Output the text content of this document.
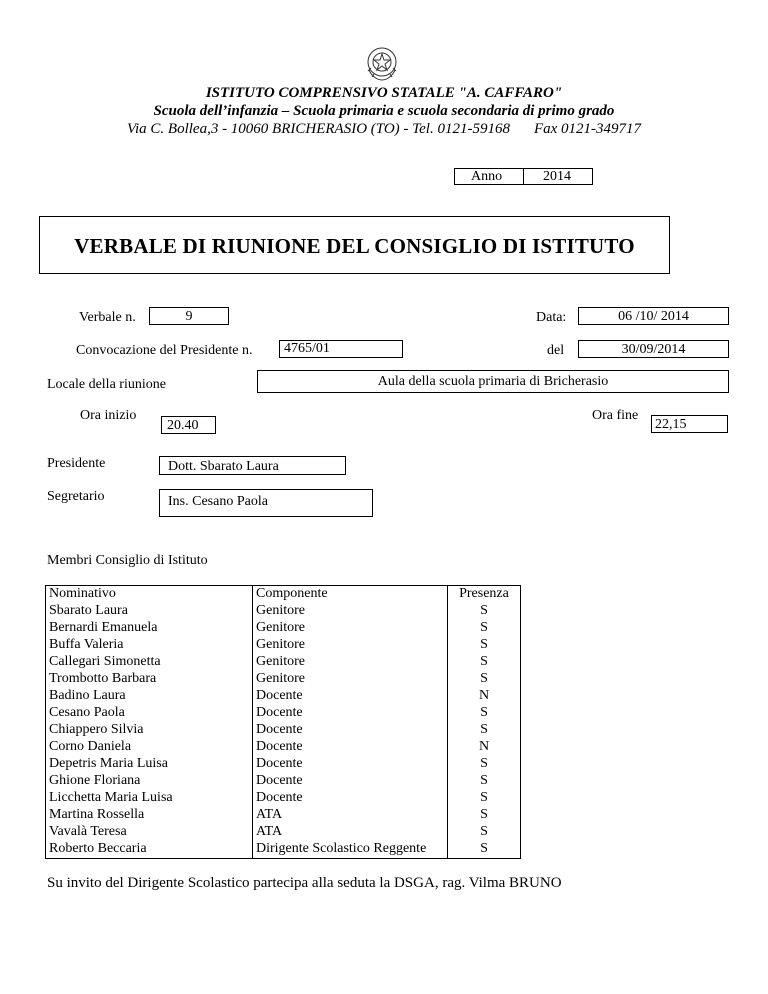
ISTITUTO COMPRENSIVO STATALE "A. CAFFARO"
Scuola dell’infanzia – Scuola primaria e scuola secondaria di primo grado
Via C. Bollea,3 - 10060 BRICHERASIO (TO) - Tel. 0121-59168 Fax 0121-349717
Anno	2014
VERBALE DI RIUNIONE DEL CONSIGLIO DI ISTITUTO
Verbale n.	9	Data:	06 /10/ 2014
Convocazione del Presidente n.	4765/01	del	30/09/2014
Locale della riunione	Aula della scuola primaria di Bricherasio
Ora inizio
20.40
Ora fine
22,15
Presidente	Dott. Sbarato Laura
Segretario	Ins. Cesano Paola
Membri Consiglio di Istituto
Nominativo	Componente	Presenza
Sbarato Laura	Genitore	S
Bernardi Emanuela	Genitore	S
Buffa Valeria	Genitore	S
Callegari Simonetta	Genitore	S
Trombotto Barbara	Genitore	S
Badino Laura	Docente	N
Cesano Paola	Docente	S
Chiappero Silvia	Docente	S
Corno Daniela	Docente	N
Depetris Maria Luisa	Docente	S
Ghione Floriana	Docente	S
Licchetta Maria Luisa	Docente	S
Martina Rossella	ATA	S
Vavalà Teresa	ATA	S
Roberto Beccaria	Dirigente Scolastico Reggente	S
Su invito del Dirigente Scolastico partecipa alla seduta la DSGA, rag. Vilma BRUNO
